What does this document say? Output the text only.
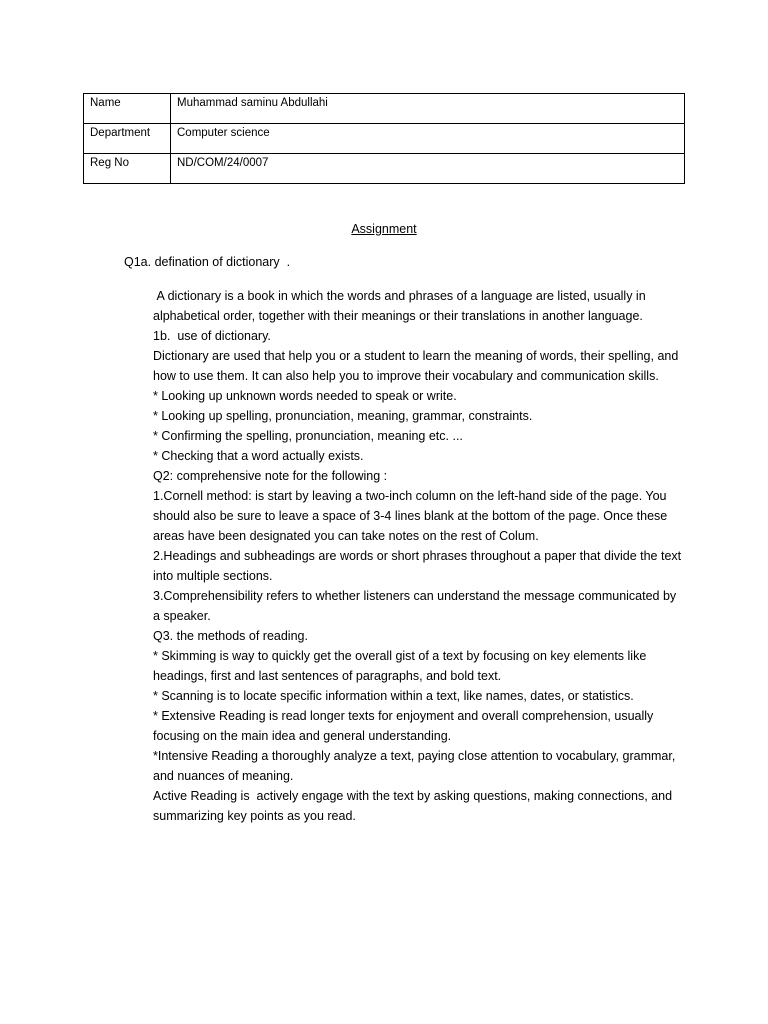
Name	Muhammad saminu Abdullahi
Department	Computer science
Reg No	ND/COM/24/0007
Assignment
Q1a. defination of dictionary  .

A dictionary is a book in which the words and phrases of a language are listed, usually in alphabetical order, together with their meanings or their translations in another language.

1b.  use of dictionary.

Dictionary are used that help you or a student to learn the meaning of words, their spelling, and how to use them. It can also help you to improve their vocabulary and communication skills.

* Looking up unknown words needed to speak or write.

* Looking up spelling, pronunciation, meaning, grammar, constraints.

* Confirming the spelling, pronunciation, meaning etc. ...

* Checking that a word actually exists.

Q2: comprehensive note for the following :

1.Cornell method: is start by leaving a two-inch column on the left-hand side of the page. You should also be sure to leave a space of 3-4 lines blank at the bottom of the page. Once these areas have been designated you can take notes on the rest of Colum.

2.Headings and subheadings are words or short phrases throughout a paper that divide the text into multiple sections.

3.Comprehensibility refers to whether listeners can understand the message communicated by a speaker.

Q3. the methods of reading.

* Skimming is way to quickly get the overall gist of a text by focusing on key elements like headings, first and last sentences of paragraphs, and bold text.

* Scanning is to locate specific information within a text, like names, dates, or statistics.

* Extensive Reading is read longer texts for enjoyment and overall comprehension, usually focusing on the main idea and general understanding.

*Intensive Reading a thoroughly analyze a text, paying close attention to vocabulary, grammar, and nuances of meaning.

Active Reading is  actively engage with the text by asking questions, making connections, and summarizing key points as you read.
